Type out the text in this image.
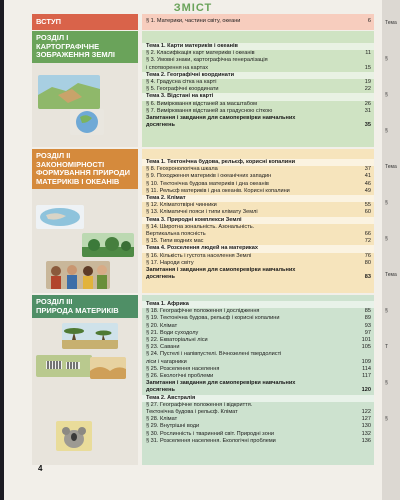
ЗМІСТ
ВСТУП
РОЗДІЛ I
КАРТОГРАФІЧНЕ ЗОБРАЖЕННЯ ЗЕМЛІ
РОЗДІЛ II
ЗАКОНОМІРНОСТІ ФОРМУВАННЯ ПРИРОДИ МАТЕРИКІВ І ОКЕАНІВ
РОЗДІЛ III
ПРИРОДА МАТЕРИКІВ
§ 1. Материки, частини світу, океани	6
Тема 1. Карти материків і океанів
§ 2. Класифікація карт материків і океанів	11
§ 3. Умовні знаки, картографічна генералізація
і спотворення на картах	15
Тема 2. Географічні координати
§ 4. Градусна сітка на карті	19
§ 5. Географічні координати	22
Тема 3. Відстані на карті
§ 6. Вимірювання відстаней за масштабом	26
§ 7. Вимірювання відстаней за градусною сіткою	31
Запитання і завдання для самоперевірки навчальних
досягнень	35
Тема 1. Тектонічна будова, рельєф, корисні копалини
§ 8. Геохронологічна шкала	37
§ 9. Походження материків і океанічних западин	41
§ 10. Тектонічна будова материків і дна океанів	46
§ 11. Рельєф материків і дна океанів. Корисні копалини	49
Тема 2. Клімат
§ 12. Кліматотвірні чинники	55
§ 13. Кліматичні пояси і типи клімату Землі	60
Тема 3. Природні комплекси Землі
§ 14. Широтна зональність. Азональність.
Вертикальна поясність	66
§ 15. Типи водних мас	72
Тема 4. Розселення людей на материках
§ 16. Кількість і густота населення Землі	76
§ 17. Народи світу	80
Запитання і завдання для самоперевірки навчальних
досягнень	83
Тема 1. Африка
§ 18. Географічне положення і дослідження	85
§ 19. Тектонічна будова, рельєф і корисні копалини	89
§ 20. Клімат	93
§ 21. Води суходолу	97
§ 22. Екваторіальні ліси	101
§ 23. Савани	105
§ 24. Пустелі і напівпустелі. Вічнозелені твердолисті
ліси і чагарники	109
§ 25. Розселення населення	114
§ 26. Екологічні проблеми	117
Запитання і завдання для самоперевірки навчальних
досягнень	120
Тема 2. Австралія
§ 27. Географічне положення і відкриття.
Тектонічна будова і рельєф. Клімат	122
§ 28. Клімат	127
§ 29. Внутрішні води	130
§ 30. Рослинність і тваринний світ. Природні зони	132
§ 31. Розселення населення. Екологічні проблеми	136
4
Тема
§
§
§
Тема
§
§
Тема
§
Т
§
§
